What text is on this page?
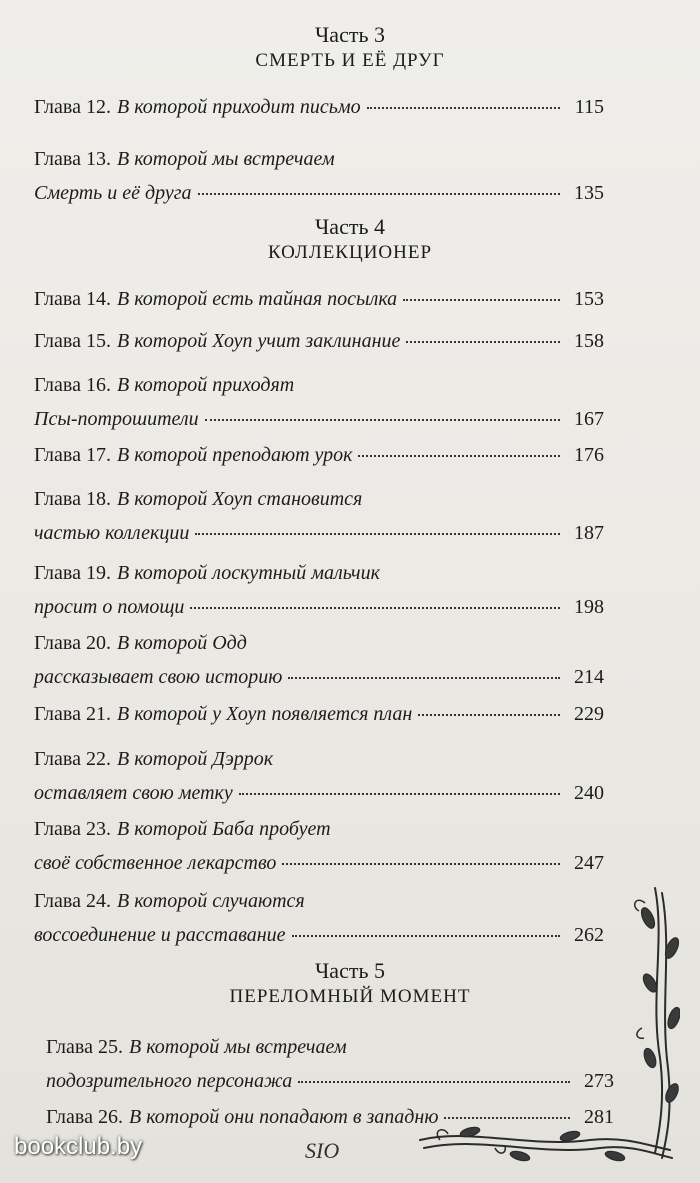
Часть 3
СМЕРТЬ И ЕЁ ДРУГ
Глава 12. В которой приходит письмо	115
Глава 13. В которой мы встречаем
Смерть и её друга	135
Часть 4
КОЛЛЕКЦИОНЕР
Глава 14. В которой есть тайная посылка	153
Глава 15. В которой Хоуп учит заклинание	158
Глава 16. В которой приходят
Псы-потрошители	167
Глава 17. В которой преподают урок	176
Глава 18. В которой Хоуп становится
частью коллекции	187
Глава 19. В которой лоскутный мальчик
просит о помощи	198
Глава 20. В которой Одд
рассказывает свою историю	214
Глава 21. В которой у Хоуп появляется план	229
Глава 22. В которой Дэррок
оставляет свою метку	240
Глава 23. В которой Баба пробует
своё собственное лекарство	247
Глава 24. В которой случаются
воссоединение и расставание	262
Часть 5
ПЕРЕЛОМНЫЙ МОМЕНТ
Глава 25. В которой мы встречаем
подозрительного персонажа	273
Глава 26. В которой они попадают в западню	281
SIO
bookclub.by
